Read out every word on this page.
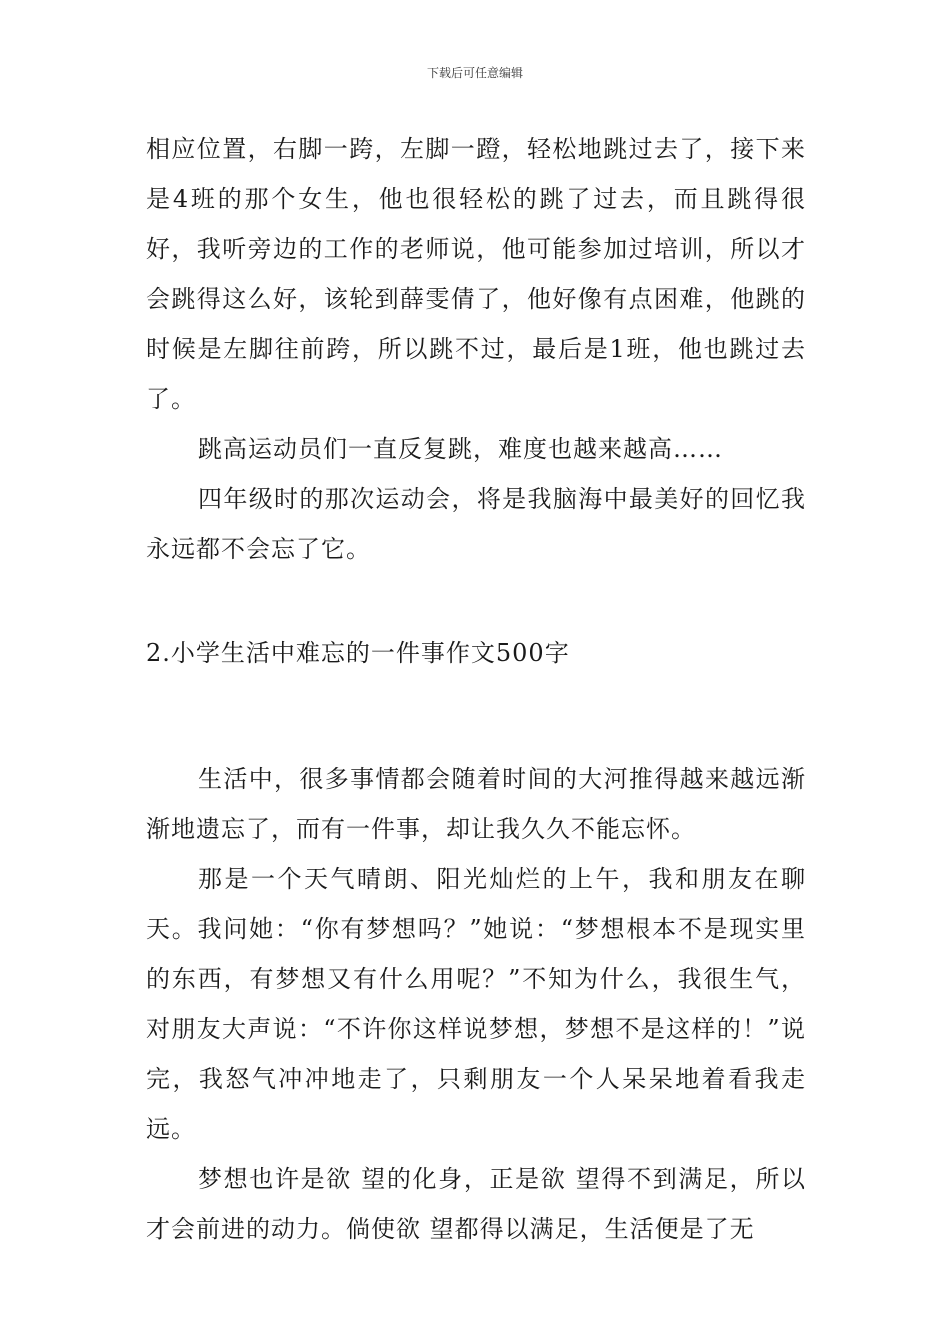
下载后可任意编辑

相应位置，右脚一跨，左脚一蹬，轻松地跳过去了，接下来是4班的那个女生，他也很轻松的跳了过去，而且跳得很好，我听旁边的工作的老师说，他可能参加过培训，所以才会跳得这么好，该轮到薛雯倩了，他好像有点困难，他跳的时候是左脚往前跨，所以跳不过，最后是1班，他也跳过去了。

跳高运动员们一直反复跳，难度也越来越高……

四年级时的那次运动会，将是我脑海中最美好的回忆我永远都不会忘了它。

2.小学生活中难忘的一件事作文500字

生活中，很多事情都会随着时间的大河推得越来越远渐渐地遗忘了，而有一件事，却让我久久不能忘怀。

那是一个天气晴朗、阳光灿烂的上午，我和朋友在聊天。我问她：“你有梦想吗？”她说：“梦想根本不是现实里的东西，有梦想又有什么用呢？”不知为什么，我很生气，对朋友大声说：“不许你这样说梦想，梦想不是这样的！”说完，我怒气冲冲地走了，只剩朋友一个人呆呆地着看我走远。

梦想也许是欲 望的化身，正是欲 望得不到满足，所以才会前进的动力。倘使欲 望都得以满足，生活便是了无
